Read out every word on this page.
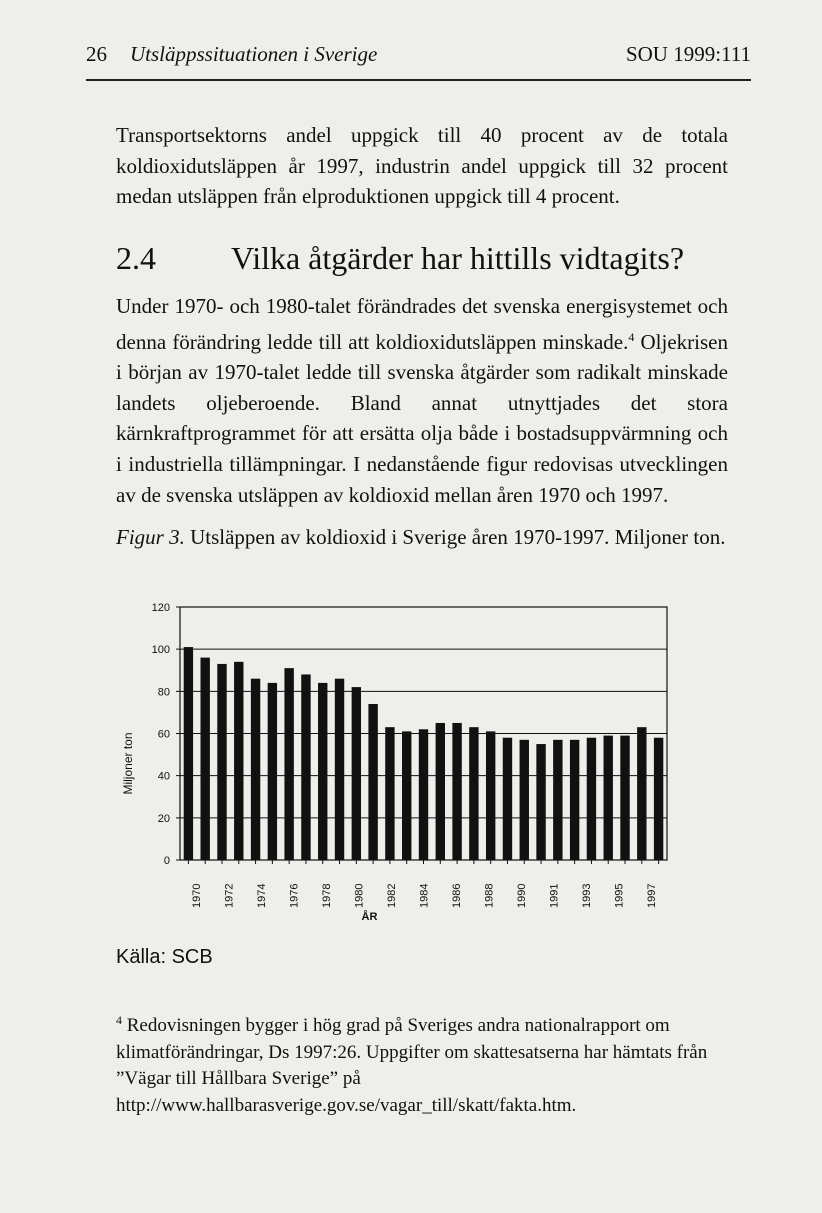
26 Utsläppssituationen i Sverige	SOU 1999:111

Transportsektorns andel uppgick till 40 procent av de totala koldioxidutsläppen år 1997, industrin andel uppgick till 32 procent medan utsläppen från elproduktionen uppgick till 4 procent.

2.4 Vilka åtgärder har hittills vidtagits?

Under 1970- och 1980-talet förändrades det svenska energisystemet och denna förändring ledde till att koldioxidutsläppen minskade.$^4$ Oljekrisen i början av 1970-talet ledde till svenska åtgärder som radikalt minskade landets oljeberoende. Bland annat utnyttjades det stora kärnkraftprogrammet för att ersätta olja både i bostadsuppvärmning och i industriella tillämpningar. I nedanstående figur redovisas utvecklingen av de svenska utsläppen av koldioxid mellan åren 1970 och 1997.

Figur 3. Utsläppen av koldioxid i Sverige åren 1970-1997. Miljoner ton.

0
20
40
60
80
100
120
1970 1972 1974 1976 1978 1980 1982 1984 1986 1988 1990 1991 1993 1995 1997
ÅR
Miljoner ton
Källa: SCB

$^4$ Redovisningen bygger i hög grad på Sveriges andra nationalrapport om klimatförändringar, Ds 1997:26. Uppgifter om skattesatserna har hämtats från ”Vägar till Hållbara Sverige” på
http://www.hallbarasverige.gov.se/vagar_till/skatt/fakta.htm.
